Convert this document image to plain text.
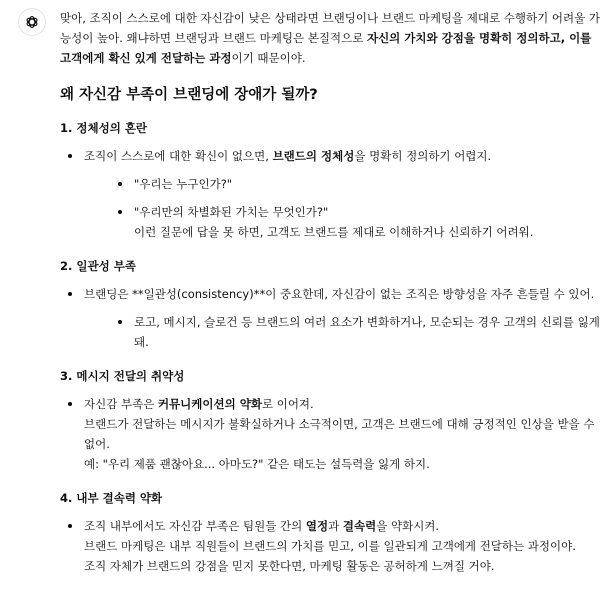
맞아, 조직이 스스로에 대한 자신감이 낮은 상태라면 브랜딩이나 브랜드 마케팅을 제대로 수행하기 어려울 가능성이 높아. 왜냐하면 브랜딩과 브랜드 마케팅은 본질적으로 자신의 가치와 강점을 명확히 정의하고, 이를 고객에게 확신 있게 전달하는 과정이기 때문이야.

왜 자신감 부족이 브랜딩에 장애가 될까?
1. 정체성의 혼란
조직이 스스로에 대한 확신이 없으면, 브랜드의 정체성을 명확히 정의하기 어렵지.
"우리는 누구인가?"
"우리만의 차별화된 가치는 무엇인가?"
이런 질문에 답을 못 하면, 고객도 브랜드를 제대로 이해하거나 신뢰하기 어려워.
2. 일관성 부족
브랜딩은 **일관성(consistency)**이 중요한데, 자신감이 없는 조직은 방향성을 자주 흔들릴 수 있어.
로고, 메시지, 슬로건 등 브랜드의 여러 요소가 변화하거나, 모순되는 경우 고객의 신뢰를 잃게 돼.
3. 메시지 전달의 취약성
자신감 부족은 커뮤니케이션의 약화로 이어져.
브랜드가 전달하는 메시지가 불확실하거나 소극적이면, 고객은 브랜드에 대해 긍정적인 인상을 받을 수 없어.
예: "우리 제품 괜찮아요... 아마도?" 같은 태도는 설득력을 잃게 하지.
4. 내부 결속력 약화
조직 내부에서도 자신감 부족은 팀원들 간의 열정과 결속력을 약화시켜.
브랜드 마케팅은 내부 직원들이 브랜드의 가치를 믿고, 이를 일관되게 고객에게 전달하는 과정이야.
조직 자체가 브랜드의 강점을 믿지 못한다면, 마케팅 활동은 공허하게 느껴질 거야.
